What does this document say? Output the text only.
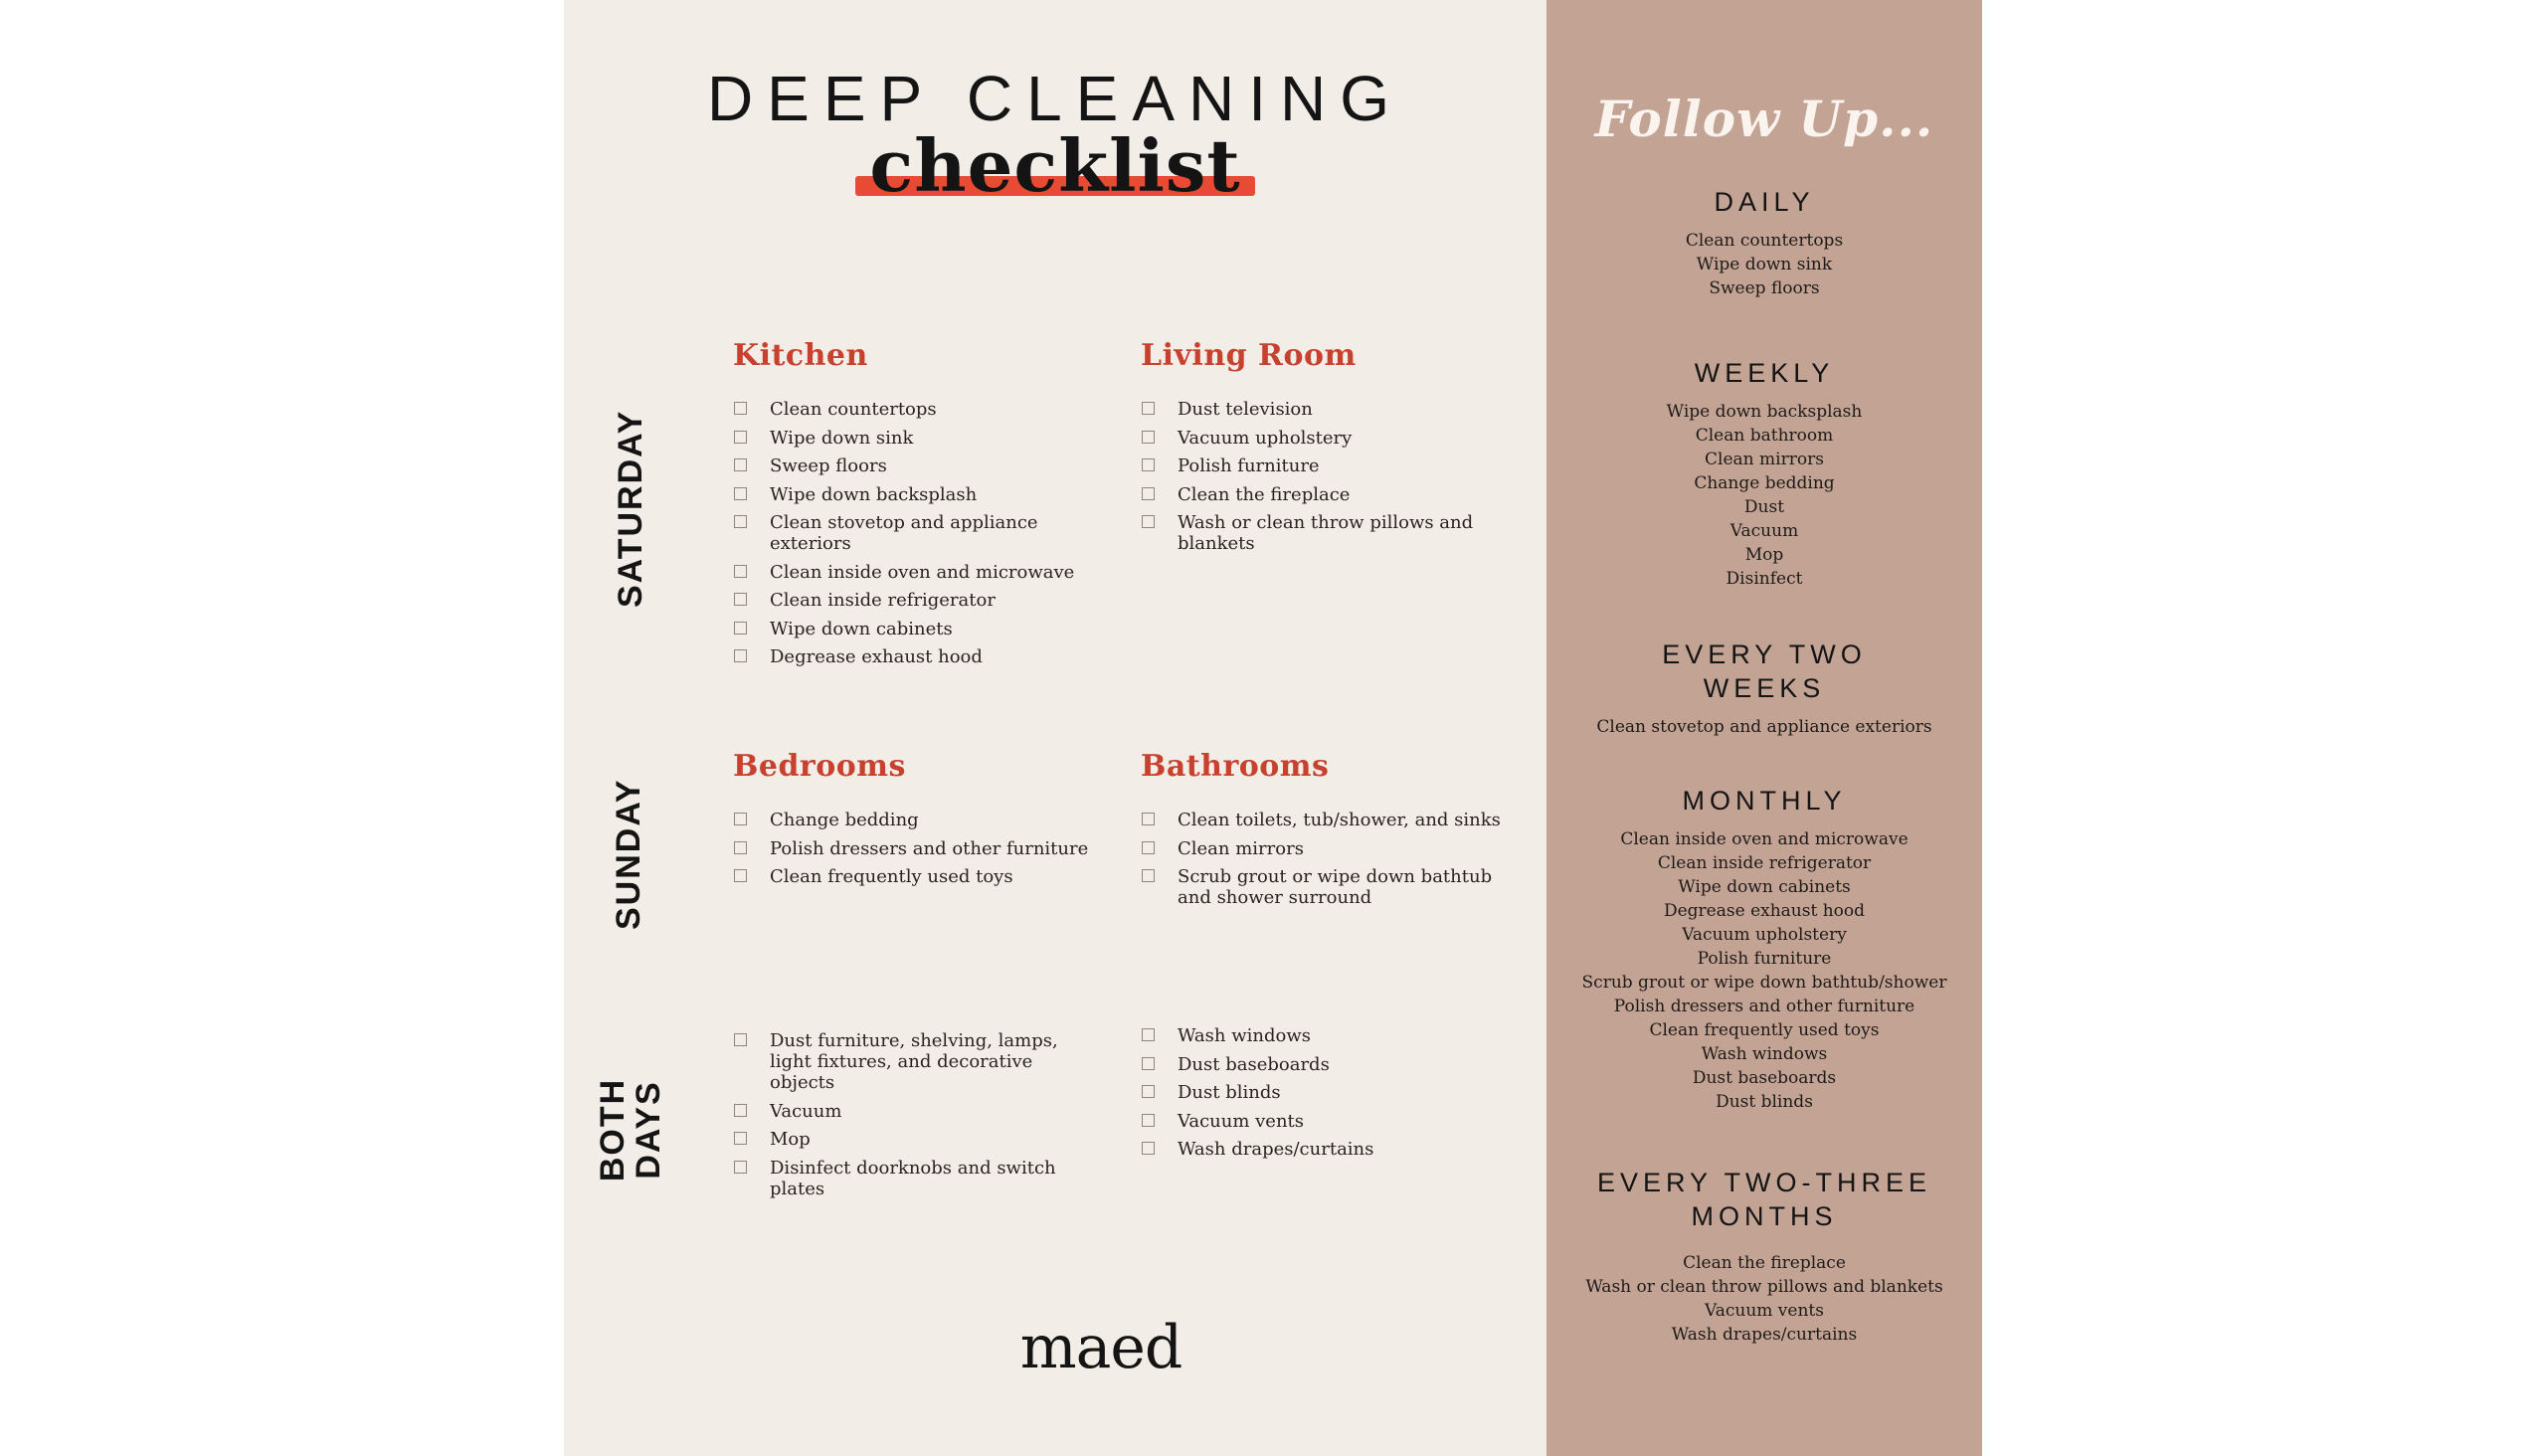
DEEP CLEANING
checklist
SATURDAY
SUNDAY
BOTH
DAYS
Kitchen
Clean countertops
Wipe down sink
Sweep floors
Wipe down backsplash
Clean stovetop and appliance exteriors
Clean inside oven and microwave
Clean inside refrigerator
Wipe down cabinets
Degrease exhaust hood
Living Room
Dust television
Vacuum upholstery
Polish furniture
Clean the fireplace
Wash or clean throw pillows and blankets
Bedrooms
Change bedding
Polish dressers and other furniture
Clean frequently used toys
Bathrooms
Clean toilets, tub/shower, and sinks
Clean mirrors
Scrub grout or wipe down bathtub and shower surround
Dust furniture, shelving, lamps, light fixtures, and decorative objects
Vacuum
Mop
Disinfect doorknobs and switch plates
Wash windows
Dust baseboards
Dust blinds
Vacuum vents
Wash drapes/curtains
maed
Follow Up...
DAILY
Clean countertops
Wipe down sink
Sweep floors
WEEKLY
Wipe down backsplash
Clean bathroom
Clean mirrors
Change bedding
Dust
Vacuum
Mop
Disinfect
EVERY TWO WEEKS
Clean stovetop and appliance exteriors
MONTHLY
Clean inside oven and microwave
Clean inside refrigerator
Wipe down cabinets
Degrease exhaust hood
Vacuum upholstery
Polish furniture
Scrub grout or wipe down bathtub/shower
Polish dressers and other furniture
Clean frequently used toys
Wash windows
Dust baseboards
Dust blinds
EVERY TWO-THREE MONTHS
Clean the fireplace
Wash or clean throw pillows and blankets
Vacuum vents
Wash drapes/curtains
